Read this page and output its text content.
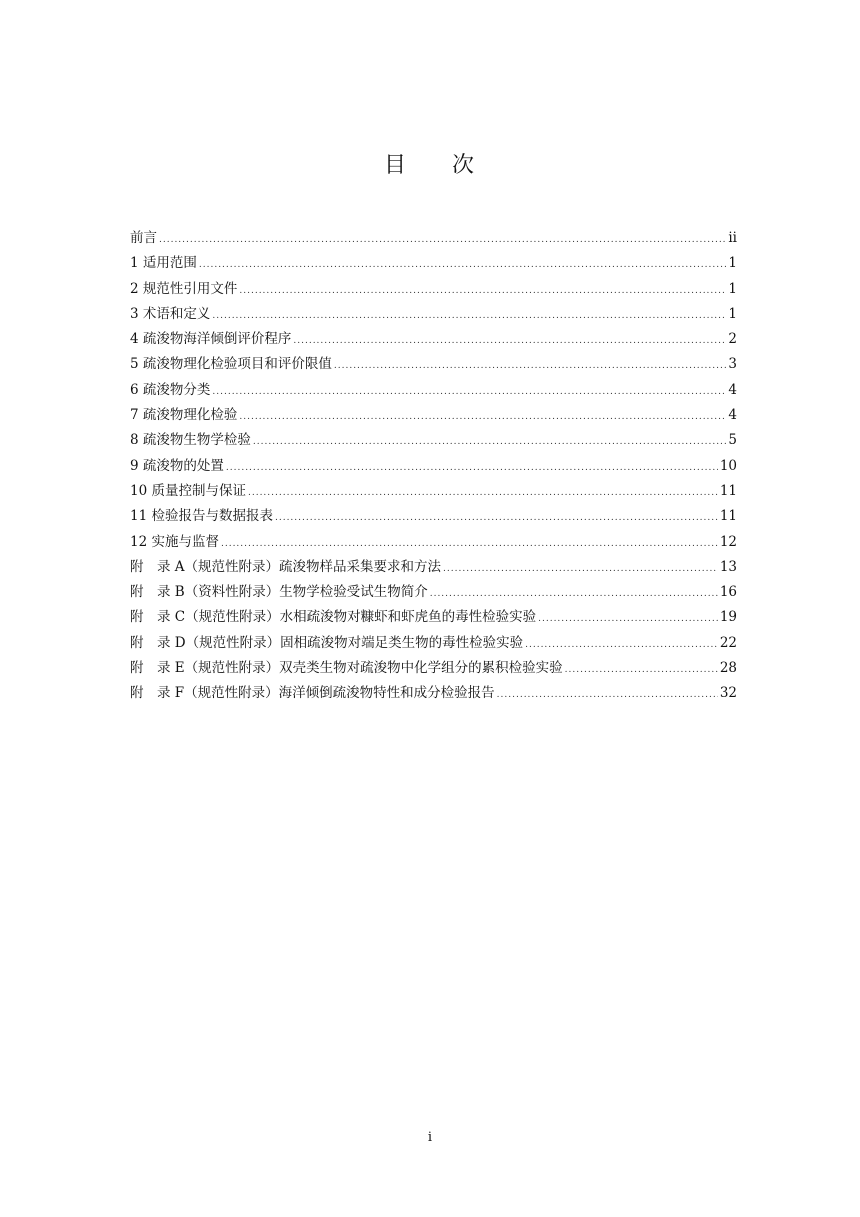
目 次
前言 .....	ii
1 适用范围 .....	1
2 规范性引用文件 .....	1
3 术语和定义 .....	1
4 疏浚物海洋倾倒评价程序 .....	2
5 疏浚物理化检验项目和评价限值 .....	3
6 疏浚物分类 .....	4
7 疏浚物理化检验 .....	4
8 疏浚物生物学检验 .....	5
9 疏浚物的处置 .....	10
10 质量控制与保证 .....	11
11 检验报告与数据报表 .....	11
12 实施与监督 .....	12
附　录 A（规范性附录）疏浚物样品采集要求和方法 .....	13
附　录 B（资料性附录）生物学检验受试生物简介 .....	16
附　录 C（规范性附录）水相疏浚物对糠虾和虾虎鱼的毒性检验实验 .....	19
附　录 D（规范性附录）固相疏浚物对端足类生物的毒性检验实验 .....	22
附　录 E（规范性附录）双壳类生物对疏浚物中化学组分的累积检验实验 .....	28
附　录 F（规范性附录）海洋倾倒疏浚物特性和成分检验报告 .....	32
i
